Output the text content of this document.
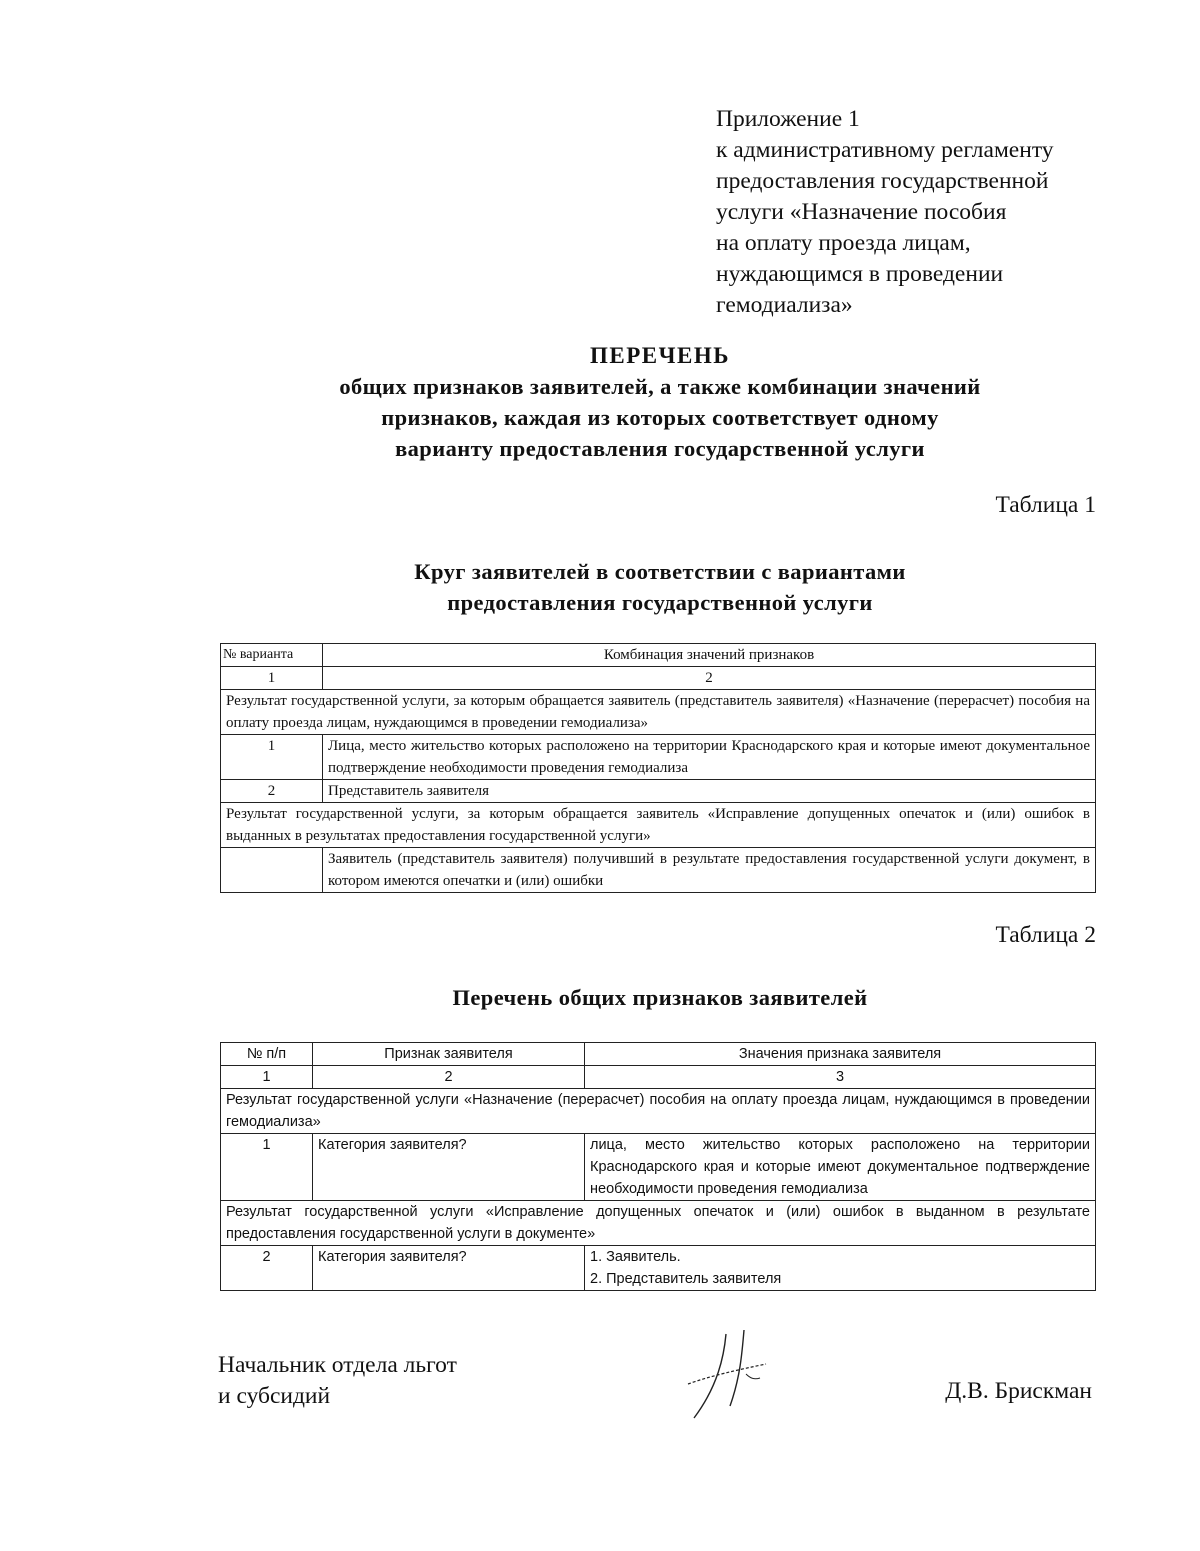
Приложение 1
к административному регламенту
предоставления государственной
услуги «Назначение пособия
на оплату проезда лицам,
нуждающимся в проведении
гемодиализа»
ПЕРЕЧЕНЬ
общих признаков заявителей, а также комбинации значений
признаков, каждая из которых соответствует одному
варианту предоставления государственной услуги
Таблица 1
Круг заявителей в соответствии с вариантами
предоставления государственной услуги
№ варианта	Комбинация значений признаков
1	2
Результат государственной услуги, за которым обращается заявитель (представитель заявителя) «Назначение (перерасчет) пособия на оплату проезда лицам, нуждающимся в проведении гемодиализа»	
1	Лица, место жительство которых расположено на территории Краснодарского края и которые имеют документальное подтверждение необходимости проведения гемодиализа
2	Представитель заявителя
Результат государственной услуги, за которым обращается заявитель «Исправление допущенных опечаток и (или) ошибок в выданных в результатах предоставления государственной услуги»	
	Заявитель (представитель заявителя) получивший в результате предоставления государственной услуги документ, в котором имеются опечатки и (или) ошибки
Таблица 2
Перечень общих признаков заявителей
№ п/п	Признак заявителя	Значения признака заявителя
1	2	3
Результат государственной услуги «Назначение (перерасчет) пособия на оплату проезда лицам, нуждающимся в проведении гемодиализа»		
1	Категория заявителя?	лица, место жительство которых расположено на территории Краснодарского края и которые имеют документальное подтверждение необходимости проведения гемодиализа
Результат государственной услуги «Исправление допущенных опечаток и (или) ошибок в выданном в результате предоставления государственной услуги в документе»		
2	Категория заявителя?	1. Заявитель.
2. Представитель заявителя
Начальник отдела льгот
и субсидий	Д.В. Брискман
